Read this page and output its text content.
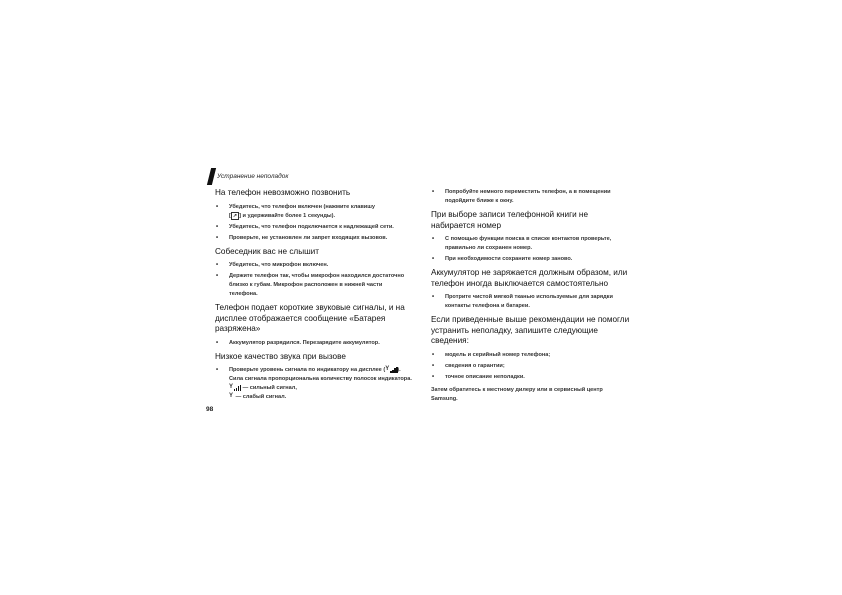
Устранение неполадок
На телефон невозможно позвонить
• Убедитесь, что телефон включен (нажмите клавишу
[ ↗ ] и удерживайте более 1 секунды).
• Убедитесь, что телефон подключается к надлежащей сети.
• Проверьте, не установлен ли запрет входящих вызовов.
Собеседник вас не слышит
• Убедитесь, что микрофон включен.
• Держите телефон так, чтобы микрофон находился достаточно близко к губам. Микрофон расположен в нижней части телефона.
Телефон подает короткие звуковые сигналы, и на дисплее отображается сообщение «Батарея разряжена»
• Аккумулятор разрядился. Перезарядите аккумулятор.
Низкое качество звука при вызове
• Проверьте уровень сигнала по индикатору на дисплее ( Y ). Сила сигнала пропорциональна количеству полосок индикатора.
Y — сильный сигнал,

Y — слабый сигнал.
98
• Попробуйте немного переместить телефон, а в помещении подойдите ближе к окну.
При выборе записи телефонной книги не набирается номер
• С помощью функции поиска в списке контактов проверьте, правильно ли сохранен номер.
• При необходимости сохраните номер заново.
Аккумулятор не заряжается должным образом, или телефон иногда выключается самостоятельно
• Протрите чистой мягкой тканью используемые для зарядки контакты телефона и батареи.
Если приведенные выше рекомендации не помогли устранить неполадку, запишите следующие сведения:
• модель и серийный номер телефона;
• сведения о гарантии;
• точное описание неполадки.
Затем обратитесь к местному дилеру или в сервисный центр Samsung.
